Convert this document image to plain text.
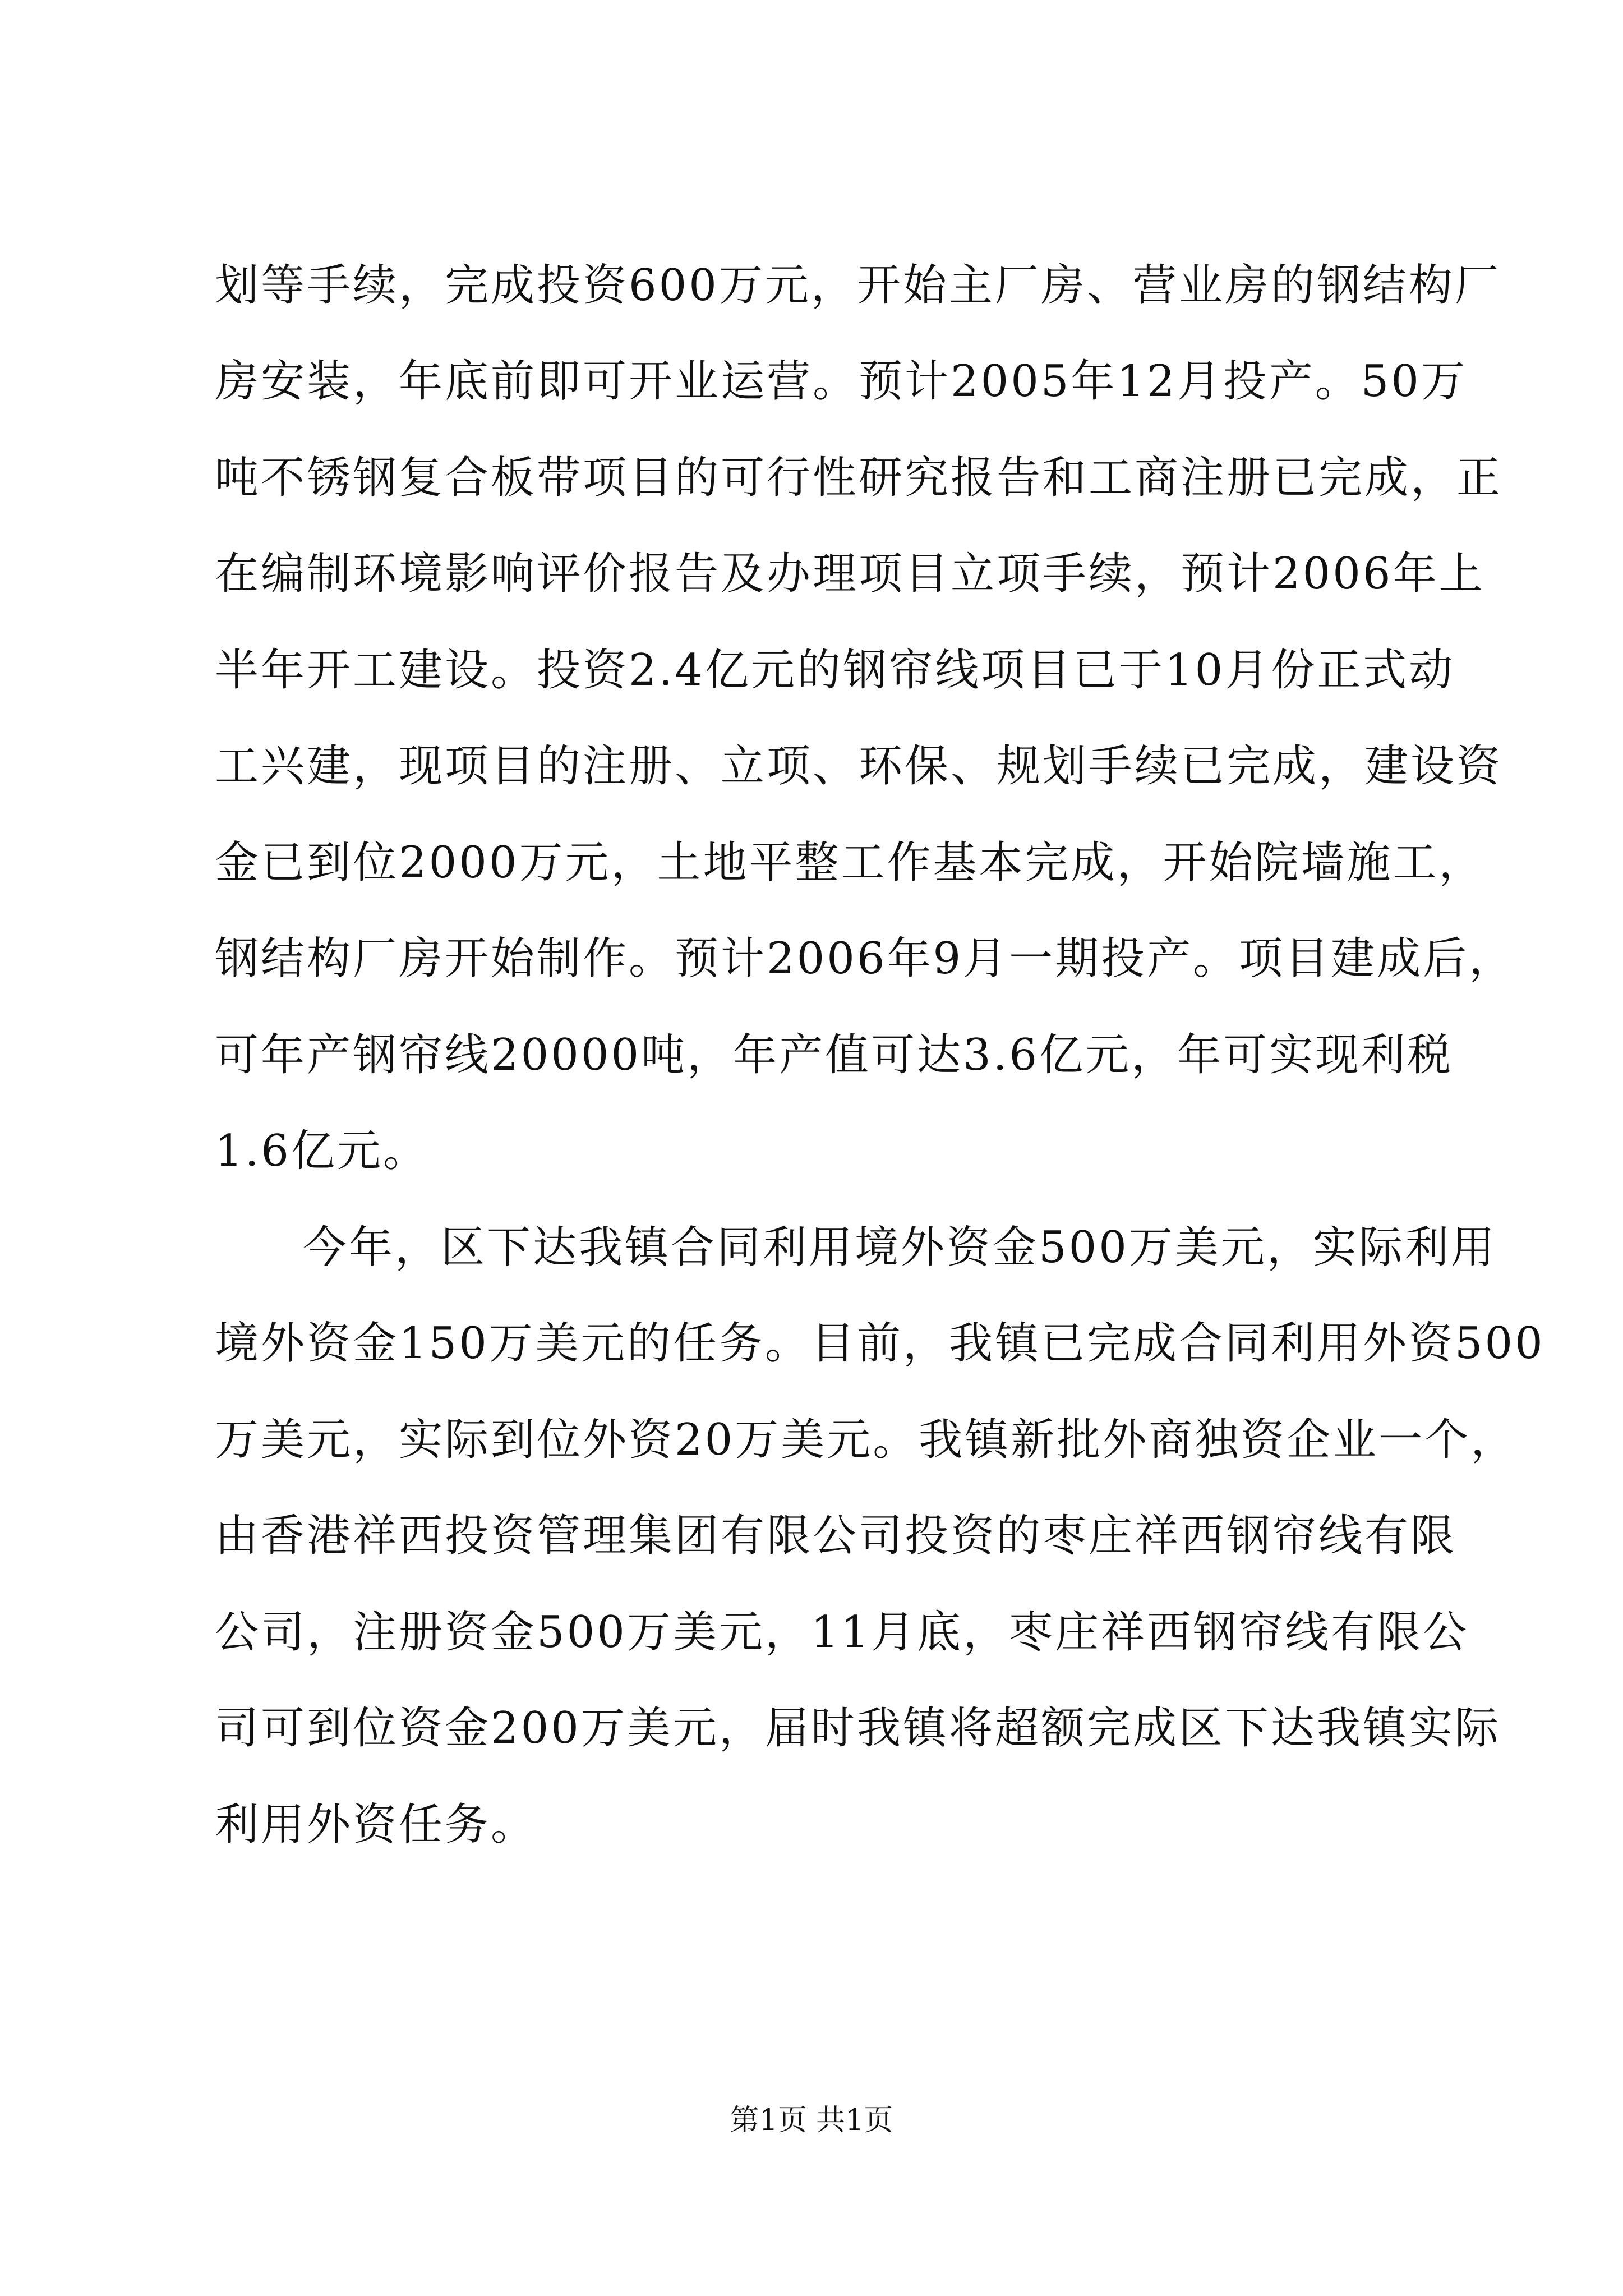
划等手续，完成投资600万元，开始主厂房、营业房的钢结构厂
房安装，年底前即可开业运营。预计2005年12月投产。50万
吨不锈钢复合板带项目的可行性研究报告和工商注册已完成，正
在编制环境影响评价报告及办理项目立项手续，预计2006年上
半年开工建设。投资2.4亿元的钢帘线项目已于10月份正式动
工兴建，现项目的注册、立项、环保、规划手续已完成，建设资
金已到位2000万元，土地平整工作基本完成，开始院墙施工，
钢结构厂房开始制作。预计2006年9月一期投产。项目建成后，
可年产钢帘线20000吨，年产值可达3.6亿元，年可实现利税
1.6亿元。
今年，区下达我镇合同利用境外资金500万美元，实际利用
境外资金150万美元的任务。目前，我镇已完成合同利用外资500
万美元，实际到位外资20万美元。我镇新批外商独资企业一个，
由香港祥西投资管理集团有限公司投资的枣庄祥西钢帘线有限
公司，注册资金500万美元，11月底，枣庄祥西钢帘线有限公
司可到位资金200万美元，届时我镇将超额完成区下达我镇实际
利用外资任务。
第1页 共1页
